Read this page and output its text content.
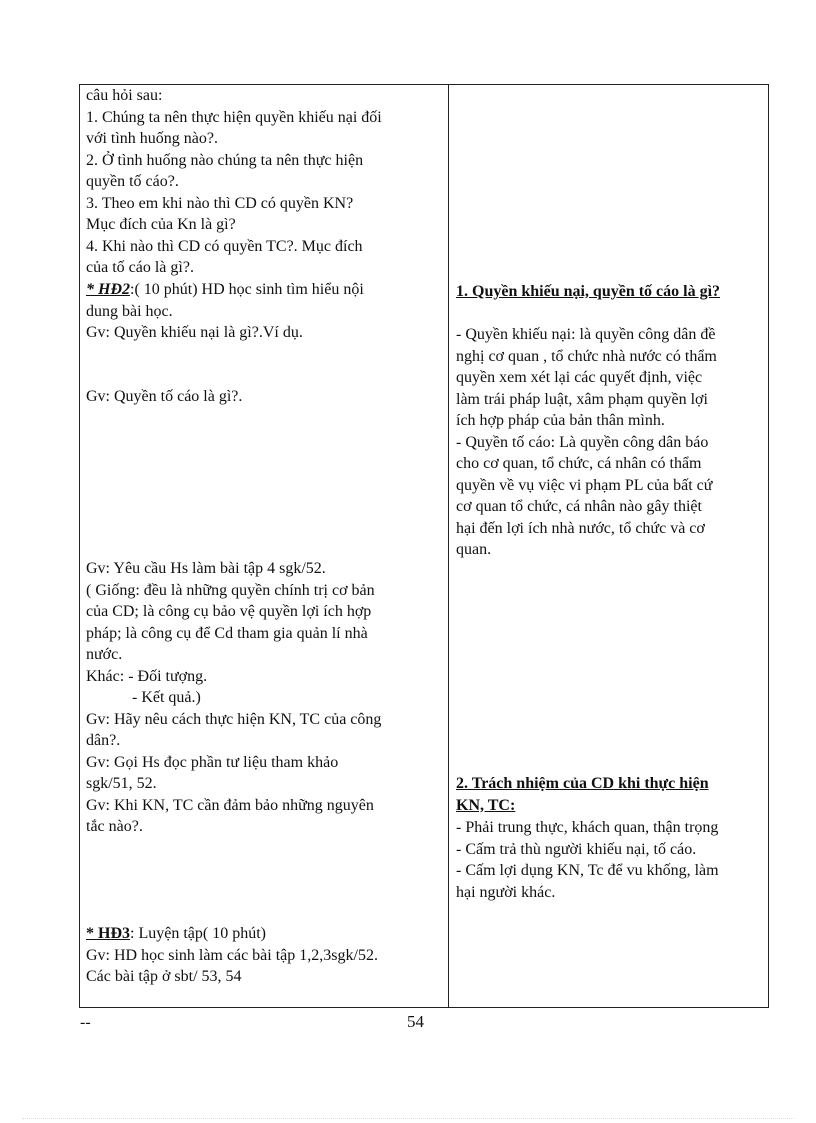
câu hỏi sau:
1. Chúng ta nên thực hiện quyền khiếu nại đối
với tình huống nào?.
2. Ở tình huống nào chúng ta nên thực hiện
quyền tố cáo?.
3. Theo em khi nào thì CD có quyền KN?
Mục đích của Kn là gì?
4. Khi nào thì CD có quyền TC?. Mục đích
của tố cáo là gì?.
* HĐ2:( 10 phút) HD học sinh tìm hiểu nội
dung bài học.
Gv: Quyền khiếu nại là gì?.Ví dụ.
Gv: Quyền tố cáo là gì?.
Gv: Yêu cầu Hs làm bài tập 4 sgk/52.
( Giống: đều là những quyền chính trị cơ bản
của CD; là công cụ bảo vệ quyền lợi ích hợp
pháp; là công cụ để Cd tham gia quản lí nhà
nước.
Khác: - Đối tượng.
- Kết quả.)
Gv: Hãy nêu cách thực hiện KN, TC của công
dân?.
Gv: Gọi Hs đọc phần tư liệu tham khảo
sgk/51, 52.
Gv: Khi KN, TC cần đảm bảo những nguyên
tắc nào?.
* HĐ3: Luyện tập( 10 phút)
Gv: HD học sinh làm các bài tập 1,2,3sgk/52.
Các bài tập ở sbt/ 53, 54
1. Quyền khiếu nại, quyền tố cáo là gì?
- Quyền khiếu nại: là quyền công dân đề
nghị cơ quan , tổ chức nhà nước có thẩm
quyền xem xét lại các quyết định, việc
làm trái pháp luật, xâm phạm quyền lợi
ích hợp pháp của bản thân mình.
- Quyền tố cáo: Là quyền công dân báo
cho cơ quan, tổ chức, cá nhân có thẩm
quyền về vụ việc vi phạm PL của bất cứ
cơ quan tổ chức, cá nhân nào gây thiệt
hại đến lợi ích nhà nước, tổ chức và cơ
quan.
2. Trách nhiệm của CD khi thực hiện
KN, TC:
- Phải trung thực, khách quan, thận trọng
- Cấm trả thù người khiếu nại, tố cáo.
- Cấm lợi dụng KN, Tc để vu khống, làm
hại người khác.
--	54
